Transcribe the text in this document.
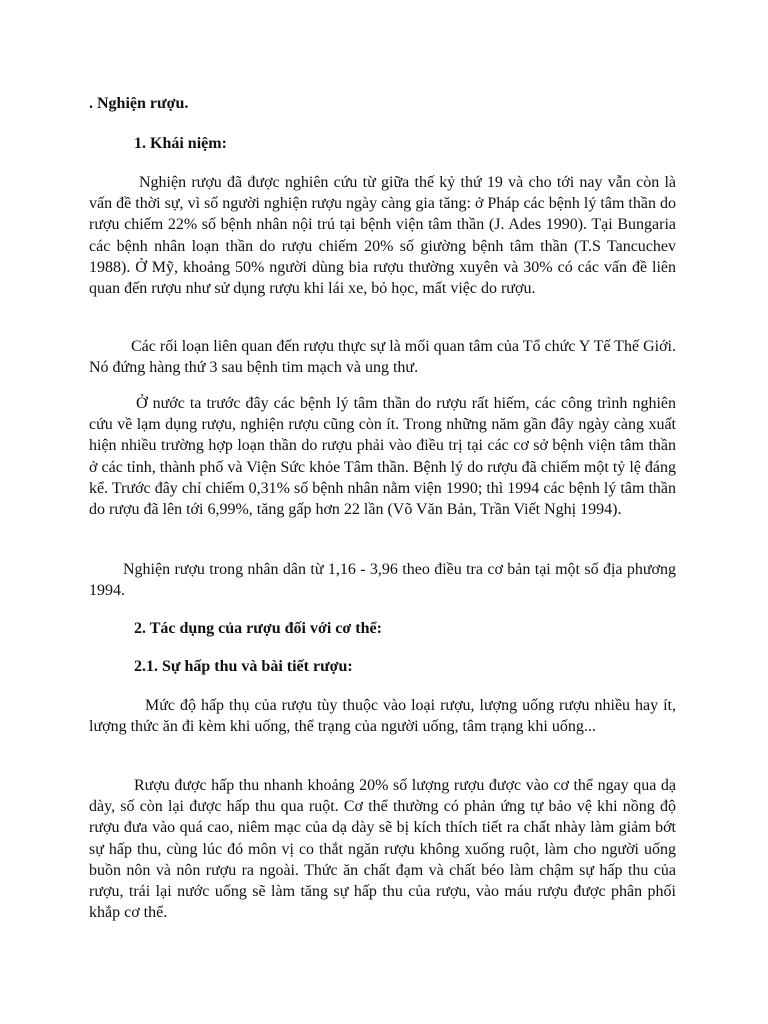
. Nghiện rượu.

1. Khái niệm:

Nghiện rượu đã được nghiên cứu từ giữa thế kỷ thứ 19 và cho tới nay vẫn còn là vấn đề thời sự, vì số người nghiện rượu ngày càng gia tăng: ở Pháp các bệnh lý tâm thần do rượu chiếm 22% số bệnh nhân nội trú tại bệnh viện tâm thần (J. Ades 1990). Tại Bungaria các bệnh nhân loạn thần do rượu chiếm 20% số giường bệnh tâm thần (T.S Tancuchev 1988). Ở Mỹ, khoảng 50% người dùng bia rượu thường xuyên và 30% có các vấn đề liên quan đến rượu như sử dụng rượu khi lái xe, bỏ học, mất việc do rượu.

Các rối loạn liên quan đến rượu thực sự là mối quan tâm của Tổ chức Y Tế Thế Giới. Nó đứng hàng thứ 3 sau bệnh tim mạch và ung thư.

Ở nước ta trước đây các bệnh lý tâm thần do rượu rất hiếm, các công trình nghiên cứu về lạm dụng rượu, nghiện rượu cũng còn ít. Trong những năm gần đây ngày càng xuất hiện nhiều trường hợp loạn thần do rượu phải vào điều trị tại các cơ sở bệnh viện tâm thần ở các tỉnh, thành phố và Viện Sức khỏe Tâm thần. Bệnh lý do rượu đã chiếm một tỷ lệ đáng kể. Trước đây chỉ chiếm 0,31% số bệnh nhân nằm viện 1990; thì 1994 các bệnh lý tâm thần do rượu đã lên tới 6,99%, tăng gấp hơn 22 lần (Võ Văn Bản, Trần Viết Nghị 1994).

Nghiện rượu trong nhân dân từ 1,16 - 3,96 theo điều tra cơ bản tại một số địa phương 1994.

2. Tác dụng của rượu đối với cơ thể:

2.1. Sự hấp thu và bài tiết rượu:

Mức độ hấp thụ của rượu tùy thuộc vào loại rượu, lượng uống rượu nhiều hay ít, lượng thức ăn đi kèm khi uống, thể trạng của người uống, tâm trạng khi uống...

Rượu được hấp thu nhanh khoảng 20% số lượng rượu được vào cơ thể ngay qua dạ dày, số còn lại được hấp thu qua ruột. Cơ thể thường có phản ứng tự bảo vệ khi nồng độ rượu đưa vào quá cao, niêm mạc của dạ dày sẽ bị kích thích tiết ra chất nhày làm giảm bớt sự hấp thu, cùng lúc đó môn vị co thắt ngăn rượu không xuống ruột, làm cho người uống buồn nôn và nôn rượu ra ngoài. Thức ăn chất đạm và chất béo làm chậm sự hấp thu của rượu, trái lại nước uống sẽ làm tăng sự hấp thu của rượu, vào máu rượu được phân phối khắp cơ thể.
